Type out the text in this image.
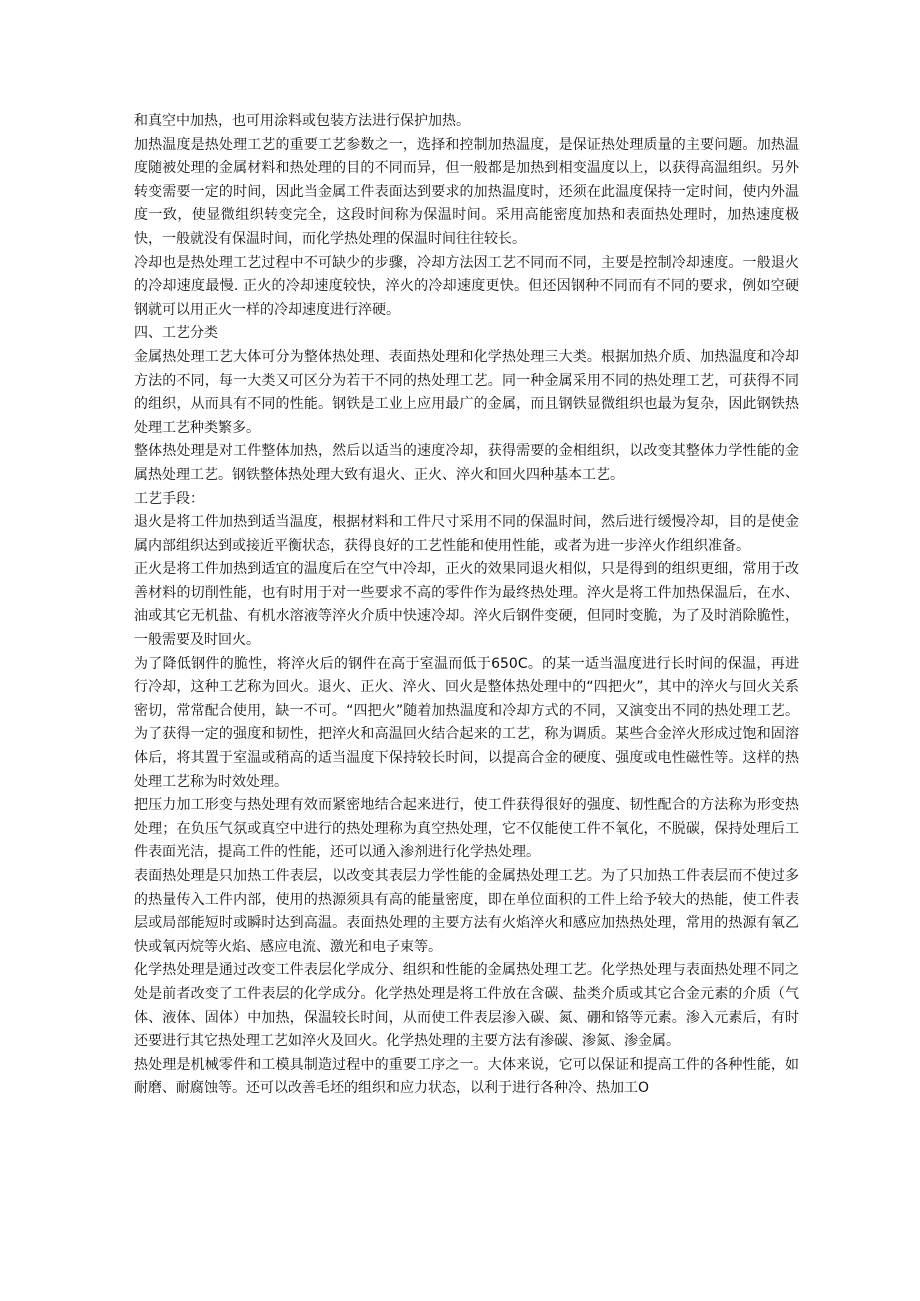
和真空中加热，也可用涂料或包装方法进行保护加热。

加热温度是热处理工艺的重要工艺参数之一，选择和控制加热温度，是保证热处理质量的主要问题。加热温度随被处理的金属材料和热处理的目的不同而异，但一般都是加热到相变温度以上，以获得高温组织。另外转变需要一定的时间，因此当金属工件表面达到要求的加热温度时，还须在此温度保持一定时间，使内外温度一致，使显微组织转变完全，这段时间称为保温时间。采用高能密度加热和表面热处理时，加热速度极快，一般就没有保温时间，而化学热处理的保温时间往往较长。

冷却也是热处理工艺过程中不可缺少的步骤，冷却方法因工艺不同而不同，主要是控制冷却速度。一般退火的冷却速度最慢. 正火的冷却速度较快，淬火的冷却速度更快。但还因钢种不同而有不同的要求，例如空硬钢就可以用正火一样的冷却速度进行淬硬。

四、工艺分类

金属热处理工艺大体可分为整体热处理、表面热处理和化学热处理三大类。根据加热介质、加热温度和冷却方法的不同，每一大类又可区分为若干不同的热处理工艺。同一种金属采用不同的热处理工艺，可获得不同的组织，从而具有不同的性能。钢铁是工业上应用最广的金属，而且钢铁显微组织也最为复杂，因此钢铁热处理工艺种类繁多。

整体热处理是对工件整体加热，然后以适当的速度冷却，获得需要的金相组织，以改变其整体力学性能的金属热处理工艺。钢铁整体热处理大致有退火、正火、淬火和回火四种基本工艺。

工艺手段：

退火是将工件加热到适当温度，根据材料和工件尺寸采用不同的保温时间，然后进行缓慢冷却，目的是使金属内部组织达到或接近平衡状态，获得良好的工艺性能和使用性能，或者为进一步淬火作组织准备。

正火是将工件加热到适宜的温度后在空气中冷却，正火的效果同退火相似，只是得到的组织更细，常用于改善材料的切削性能，也有时用于对一些要求不高的零件作为最终热处理。淬火是将工件加热保温后，在水、油或其它无机盐、有机水溶液等淬火介质中快速冷却。淬火后钢件变硬，但同时变脆，为了及时消除脆性，一般需要及时回火。

为了降低钢件的脆性，将淬火后的钢件在高于室温而低于650C。的某一适当温度进行长时间的保温，再进行冷却，这种工艺称为回火。退火、正火、淬火、回火是整体热处理中的“四把火”，其中的淬火与回火关系密切，常常配合使用，缺一不可。“四把火”随着加热温度和冷却方式的不同，又演变出不同的热处理工艺。为了获得一定的强度和韧性，把淬火和高温回火结合起来的工艺，称为调质。某些合金淬火形成过饱和固溶体后，将其置于室温或稍高的适当温度下保持较长时间，以提高合金的硬度、强度或电性磁性等。这样的热处理工艺称为时效处理。

把压力加工形变与热处理有效而紧密地结合起来进行，使工件获得很好的强度、韧性配合的方法称为形变热处理；在负压气氛或真空中进行的热处理称为真空热处理，它不仅能使工件不氧化，不脱碳，保持处理后工件表面光洁，提高工件的性能，还可以通入渗剂进行化学热处理。

表面热处理是只加热工件表层，以改变其表层力学性能的金属热处理工艺。为了只加热工件表层而不使过多的热量传入工件内部，使用的热源须具有高的能量密度，即在单位面积的工件上给予较大的热能，使工件表层或局部能短时或瞬时达到高温。表面热处理的主要方法有火焰淬火和感应加热热处理，常用的热源有氧乙快或氧丙烷等火焰、感应电流、激光和电子束等。

化学热处理是通过改变工件表层化学成分、组织和性能的金属热处理工艺。化学热处理与表面热处理不同之处是前者改变了工件表层的化学成分。化学热处理是将工件放在含碳、盐类介质或其它合金元素的介质（气体、液体、固体）中加热，保温较长时间，从而使工件表层渗入碳、氮、硼和铬等元素。渗入元素后，有时还要进行其它热处理工艺如淬火及回火。化学热处理的主要方法有渗碳、渗氮、渗金属。

热处理是机械零件和工模具制造过程中的重要工序之一。大体来说，它可以保证和提高工件的各种性能，如耐磨、耐腐蚀等。还可以改善毛坯的组织和应力状态，以利于进行各种冷、热加工O
